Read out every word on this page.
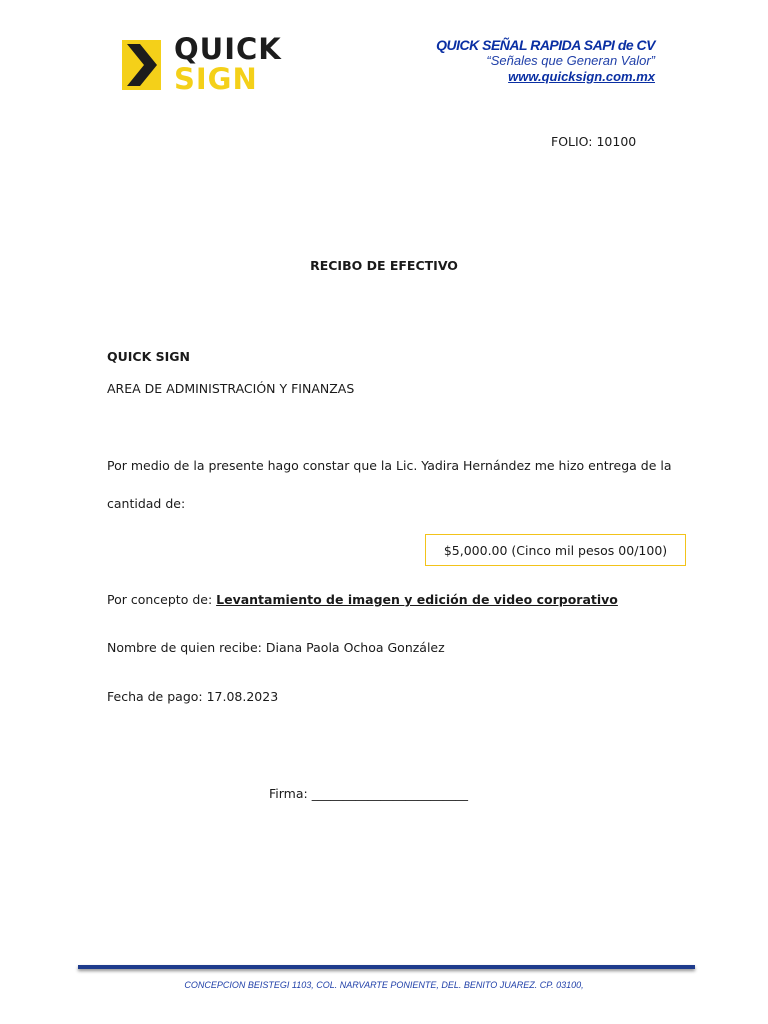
QUICK
SIGN
QUICK SEÑAL RAPIDA SAPI de CV
“Señales que Generan Valor”
www.quicksign.com.mx
FOLIO: 10100
RECIBO DE EFECTIVO
QUICK SIGN
AREA DE ADMINISTRACIÓN Y FINANZAS
Por medio de la presente hago constar que la Lic. Yadira Hernández me hizo entrega de la
cantidad de:
$5,000.00 (Cinco mil pesos 00/100)
Por concepto de: Levantamiento de imagen y edición de video corporativo
Nombre de quien recibe: Diana Paola Ochoa González
Fecha de pago: 17.08.2023
Firma: _________________________
CONCEPCION BEISTEGI 1103, COL. NARVARTE PONIENTE, DEL. BENITO JUAREZ. CP. 03100,
